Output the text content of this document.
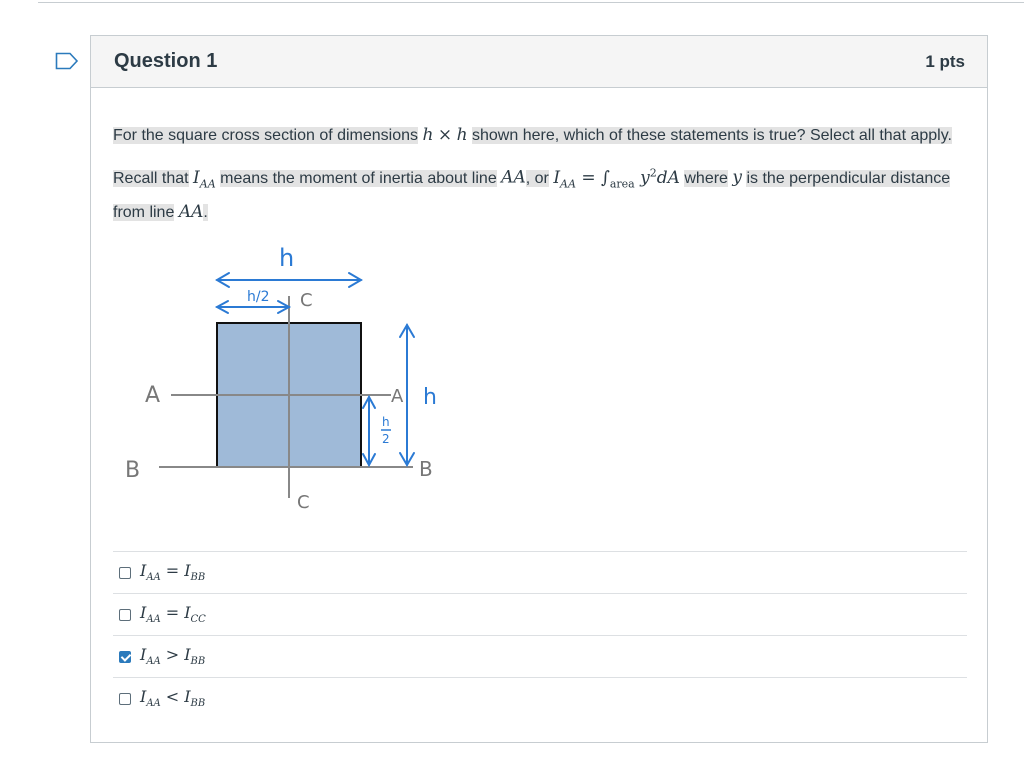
Question 1	1 pts

For the square cross section of dimensions h × h shown here, which of these statements is true? Select all that apply.

Recall that $I_{AA}$ means the moment of inertia about line AA, or $I_{AA} = \int_{area}$ $y^2dA$ where y is the perpendicular distance from line AA.

h
h/2 C
h
h
2
A	A
B	B
C
$I_{AA} = I_{BB}$
$I_{AA} = I_{CC}$
$I_{AA} > I_{BB}$
$I_{AA} < I_{BB}$
